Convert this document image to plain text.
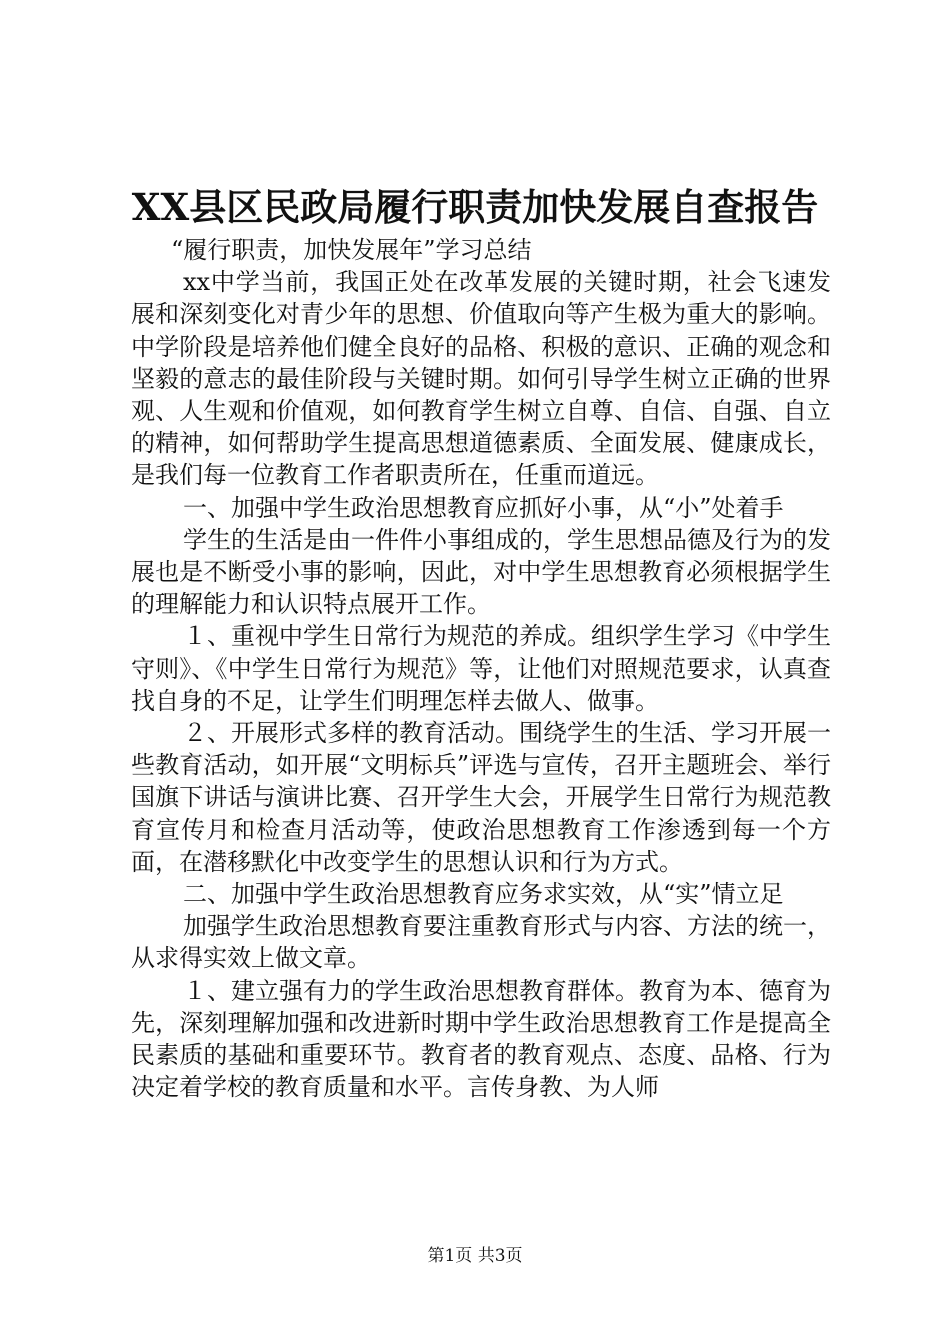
XX县区民政局履行职责加快发展自查报告

“履行职责，加快发展年”学习总结

xx中学当前，我国正处在改革发展的关键时期，社会飞速发展和深刻变化对青少年的思想、价值取向等产生极为重大的影响。中学阶段是培养他们健全良好的品格、积极的意识、正确的观念和坚毅的意志的最佳阶段与关键时期。如何引导学生树立正确的世界观、人生观和价值观，如何教育学生树立自尊、自信、自强、自立的精神，如何帮助学生提高思想道德素质、全面发展、健康成长，是我们每一位教育工作者职责所在，任重而道远。

一、加强中学生政治思想教育应抓好小事，从“小”处着手

学生的生活是由一件件小事组成的，学生思想品德及行为的发展也是不断受小事的影响，因此，对中学生思想教育必须根据学生的理解能力和认识特点展开工作。

１、重视中学生日常行为规范的养成。组织学生学习《中学生守则》、《中学生日常行为规范》等，让他们对照规范要求，认真查找自身的不足，让学生们明理怎样去做人、做事。

２、开展形式多样的教育活动。围绕学生的生活、学习开展一些教育活动，如开展“文明标兵”评选与宣传，召开主题班会、举行国旗下讲话与演讲比赛、召开学生大会，开展学生日常行为规范教育宣传月和检查月活动等，使政治思想教育工作渗透到每一个方面，在潜移默化中改变学生的思想认识和行为方式。

二、加强中学生政治思想教育应务求实效，从“实”情立足

加强学生政治思想教育要注重教育形式与内容、方法的统一，从求得实效上做文章。

１、建立强有力的学生政治思想教育群体。教育为本、德育为先，深刻理解加强和改进新时期中学生政治思想教育工作是提高全民素质的基础和重要环节。教育者的教育观点、态度、品格、行为决定着学校的教育质量和水平。言传身教、为人师

第1页 共3页
